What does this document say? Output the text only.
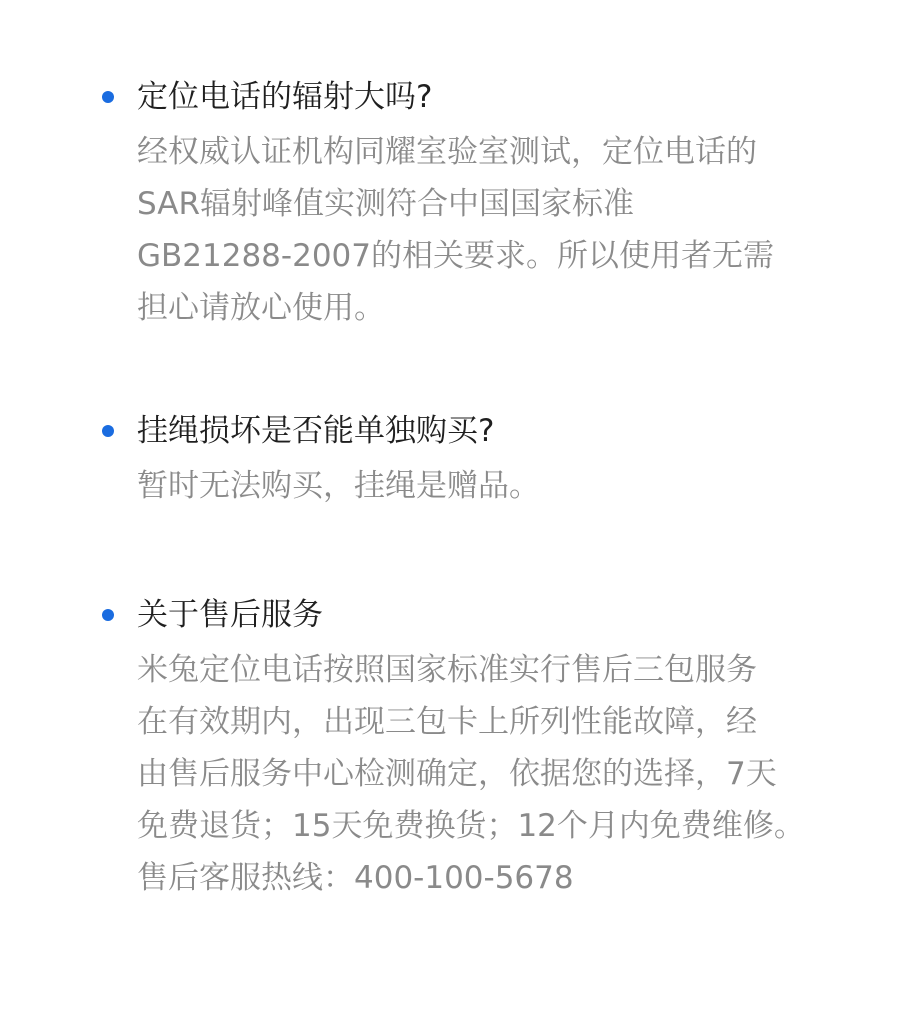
定位电话的辐射大吗?
经权威认证机构同耀室验室测试，定位电话的
SAR辐射峰值实测符合中国国家标准
GB21288-2007的相关要求。所以使用者无需
担心请放心使用。
挂绳损坏是否能单独购买?
暂时无法购买，挂绳是赠品。
关于售后服务
米兔定位电话按照国家标准实行售后三包服务
在有效期内，出现三包卡上所列性能故障，经
由售后服务中心检测确定，依据您的选择，7天
免费退货；15天免费换货；12个月内免费维修。
售后客服热线：400-100-5678
